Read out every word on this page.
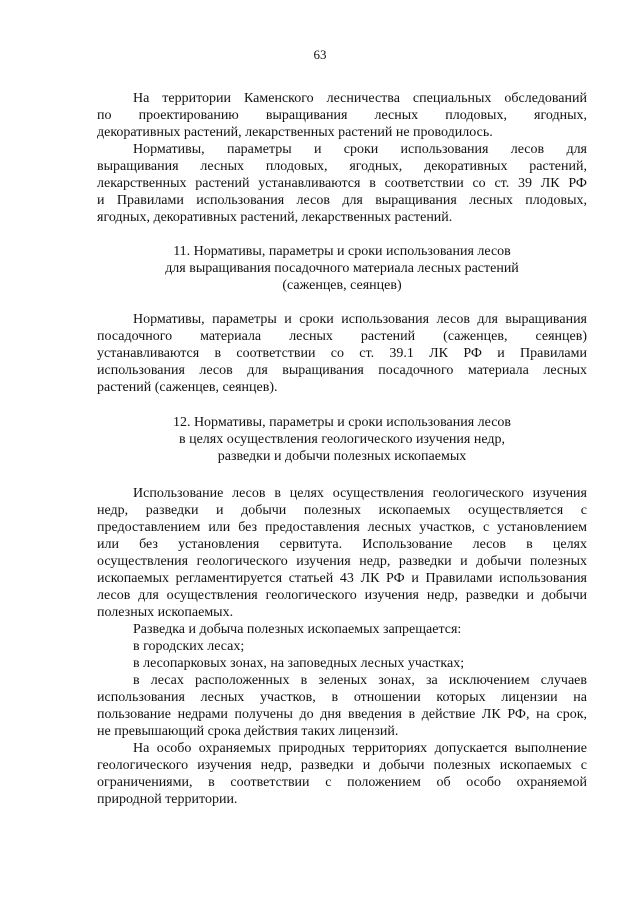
63
На территории Каменского лесничества специальных обследований
по проектированию выращивания лесных плодовых, ягодных,
декоративных растений, лекарственных растений не проводилось.
Нормативы, параметры и сроки использования лесов для
выращивания лесных плодовых, ягодных, декоративных растений,
лекарственных растений устанавливаются в соответствии со ст. 39 ЛК РФ
и Правилами использования лесов для выращивания лесных плодовых,
ягодных, декоративных растений, лекарственных растений.
11. Нормативы, параметры и сроки использования лесов
для выращивания посадочного материала лесных растений
(саженцев, сеянцев)
Нормативы, параметры и сроки использования лесов для выращивания
посадочного материала лесных растений (саженцев, сеянцев)
устанавливаются в соответствии со ст. 39.1 ЛК РФ и Правилами
использования лесов для выращивания посадочного материала лесных
растений (саженцев, сеянцев).
12. Нормативы, параметры и сроки использования лесов
в целях осуществления геологического изучения недр,
разведки и добычи полезных ископаемых
Использование лесов в целях осуществления геологического изучения
недр, разведки и добычи полезных ископаемых осуществляется с
предоставлением или без предоставления лесных участков, с установлением
или без установления сервитута. Использование лесов в целях
осуществления геологического изучения недр, разведки и добычи полезных
ископаемых регламентируется статьей 43 ЛК РФ и Правилами использования
лесов для осуществления геологического изучения недр, разведки и добычи
полезных ископаемых.
Разведка и добыча полезных ископаемых запрещается:
в городских лесах;
в лесопарковых зонах, на заповедных лесных участках;
в лесах расположенных в зеленых зонах, за исключением случаев
использования лесных участков, в отношении которых лицензии на
пользование недрами получены до дня введения в действие ЛК РФ, на срок,
не превышающий срока действия таких лицензий.
На особо охраняемых природных территориях допускается выполнение
геологического изучения недр, разведки и добычи полезных ископаемых с
ограничениями, в соответствии с положением об особо охраняемой
природной территории.
